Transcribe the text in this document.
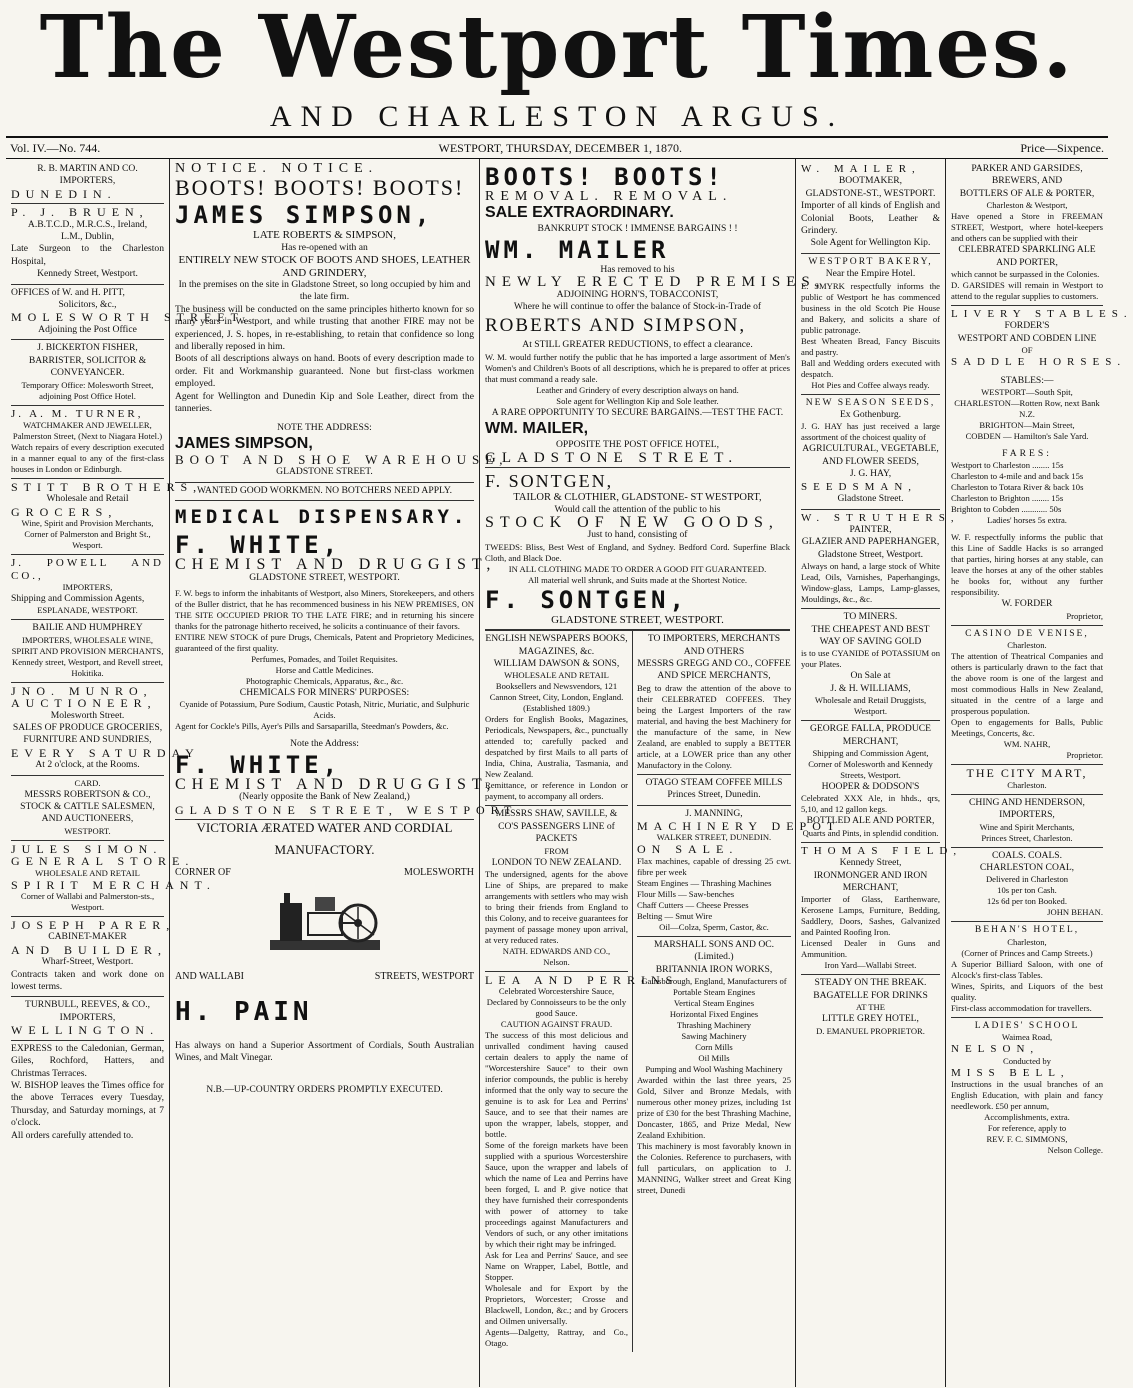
The Westport Times.
AND CHARLESTON ARGUS.
Vol. IV.—No. 744.	WESTPORT, THURSDAY, DECEMBER 1, 1870.	Price—Sixpence.

R. B. MARTIN AND CO.

IMPORTERS,

DUNEDIN.

P. J. BRUEN,

A.B.T.C.D., M.R.C.S., Ireland,

L.M., Dublin,

Late Surgeon to the Charleston Hospital,

Kennedy Street, Westport.

OFFICES of W. and H. PITT,

Solicitors, &c.,

MOLESWORTH STREET,

Adjoining the Post Office

J. BICKERTON FISHER,

BARRISTER, SOLICITOR & CONVEYANCER.

Temporary Office: Molesworth Street, adjoining Post Office Hotel.

J. A. M. TURNER,

WATCHMAKER AND JEWELLER, Palmerston Street, (Next to Niagara Hotel.)

Watch repairs of every description executed in a manner equal to any of the first-class houses in London or Edinburgh.

STITT BROTHERS,

Wholesale and Retail

GROCERS,

Wine, Spirit and Provision Merchants, Corner of Palmerston and Bright St., Wesport.

J. POWELL AND CO.,

IMPORTERS,

Shipping and Commission Agents,

ESPLANADE, WESTPORT.

BAILIE AND HUMPHREY

IMPORTERS, WHOLESALE WINE, SPIRIT AND PROVISION MERCHANTS,

Kennedy street, Westport, and Revell street, Hokitika.

JNO. MUNRO,

AUCTIONEER,

Molesworth Street.

SALES OF PRODUCE GROCERIES, FURNITURE AND SUNDRIES,

EVERY SATURDAY

At 2 o'clock, at the Rooms.

CARD.

MESSRS ROBERTSON & CO.,

STOCK & CATTLE SALESMEN,

AND AUCTIONEERS,

WESTPORT.

JULES SIMON.

GENERAL STORE.

WHOLESALE AND RETAIL

SPIRIT MERCHANT.

Corner of Wallabi and Palmerston-sts., Westport.

JOSEPH PARER,

CABINET-MAKER

AND BUILDER,

Wharf-Street, Westport.

Contracts taken and work done on lowest terms.

TURNBULL, REEVES, & CO.,

IMPORTERS,

WELLINGTON.

EXPRESS to the Caledonian, German, Giles, Rochford, Hatters, and Christmas Terraces.

W. BISHOP leaves the Times office for the above Terraces every Tuesday, Thursday, and Saturday mornings, at 7 o'clock.

All orders carefully attended to.

NOTICE. NOTICE.

BOOTS! BOOTS! BOOTS!

JAMES SIMPSON,

LATE ROBERTS & SIMPSON,

Has re-opened with an

ENTIRELY NEW STOCK OF BOOTS AND SHOES, LEATHER AND GRINDERY,

In the premises on the site in Gladstone Street, so long occupied by him and the late firm.

The business will be conducted on the same principles hitherto known for so many years in Westport, and while trusting that another FIRE may not be experienced, J. S. hopes, in re-establishing, to retain that confidence so long and liberally reposed in him.

Boots of all descriptions always on hand. Boots of every description made to order. Fit and Workmanship guaranteed. None but first-class workmen employed.

Agent for Wellington and Dunedin Kip and Sole Leather, direct from the tanneries.

NOTE THE ADDRESS:

JAMES SIMPSON,

BOOT AND SHOE WAREHOUSE,

GLADSTONE STREET.

WANTED GOOD WORKMEN. NO BOTCHERS NEED APPLY.

MEDICAL DISPENSARY.

F. WHITE,

CHEMIST AND DRUGGIST,

GLADSTONE STREET, WESTPORT.

F. W. begs to inform the inhabitants of Westport, also Miners, Storekeepers, and others of the Buller district, that he has recommenced business in his NEW PREMISES, ON THE SITE OCCUPIED PRIOR TO THE LATE FIRE; and in returning his sincere thanks for the patronage hitherto received, he solicits a continuance of their favors.

ENTIRE NEW STOCK of pure Drugs, Chemicals, Patent and Proprietory Medicines, guaranteed of the first quality.

Perfumes, Pomades, and Toilet Requisites.

Horse and Cattle Medicines.

Photographic Chemicals, Apparatus, &c., &c.

CHEMICALS FOR MINERS' PURPOSES:

Cyanide of Potassium, Pure Sodium, Caustic Potash, Nitric, Muriatic, and Sulphuric Acids.

Agent for Cockle's Pills, Ayer's Pills and Sarsaparilla, Steedman's Powders, &c.

Note the Address:

F. WHITE,

CHEMIST AND DRUGGIST,

(Nearly opposite the Bank of New Zealand,)

GLADSTONE STREET, WESTPORT.

VICTORIA ÆRATED WATER AND CORDIAL

MANUFACTORY.

CORNER OF	MOLESWORTH
AND WALLABI	STREETS, WESTPORT

H. PAIN

Has always on hand a Superior Assortment of Cordials, South Australian Wines, and Malt Vinegar.

N.B.—UP-COUNTRY ORDERS PROMPTLY EXECUTED.

BOOTS! BOOTS!

REMOVAL. REMOVAL.

SALE EXTRAORDINARY.

BANKRUPT STOCK ! IMMENSE BARGAINS ! !

WM. MAILER

Has removed to his

NEWLY ERECTED PREMISES,

ADJOINING HORN'S, TOBACCONIST,

Where he will continue to offer the balance of Stock-in-Trade of

ROBERTS AND SIMPSON,

At STILL GREATER REDUCTIONS, to effect a clearance.

W. M. would further notify the public that he has imported a large assortment of Men's Women's and Children's Boots of all descriptions, which he is prepared to offer at prices that must command a ready sale.

Leather and Grindery of every description always on hand.

Sole agent for Wellington Kip and Sole leather.

A RARE OPPORTUNITY TO SECURE BARGAINS.—TEST THE FACT.

WM. MAILER,

OPPOSITE THE POST OFFICE HOTEL,

GLADSTONE STREET.

F. SONTGEN,

TAILOR & CLOTHIER, GLADSTONE- ST WESTPORT,

Would call the attention of the public to his

STOCK OF NEW GOODS,

Just to hand, consisting of

TWEEDS: Bliss, Best West of England, and Sydney. Bedford Cord. Superfine Black Cloth, and Black Doe.

IN ALL CLOTHING MADE TO ORDER A GOOD FIT GUARANTEED.

All material well shrunk, and Suits made at the Shortest Notice.

F. SONTGEN,

GLADSTONE STREET, WESTPORT.

ENGLISH NEWSPAPERS BOOKS, MAGAZINES, &c.

WILLIAM DAWSON & SONS,

WHOLESALE AND RETAIL

Booksellers and Newsvendors, 121 Cannon Street, City, London, England.

(Established 1809.)

Orders for English Books, Magazines, Periodicals, Newspapers, &c., punctually attended to; carefully packed and despatched by first Mails to all parts of India, China, Australia, Tasmania, and New Zealand.

Remittance, or reference in London or payment, to accompany all orders.

MESSRS SHAW, SAVILLE, & CO'S PASSENGERS LINE of PACKETS

FROM

LONDON TO NEW ZEALAND.

The undersigned, agents for the above Line of Ships, are prepared to make arrangements with settlers who may wish to bring their friends from England to this Colony, and to receive guarantees for payment of passage money upon arrival, at very reduced rates.

NATH. EDWARDS AND CO.,

Nelson.

LEA AND PERRINS

Celebrated Worcestershire Sauce, Declared by Connoisseurs to be the only good Sauce.

CAUTION AGAINST FRAUD.

The success of this most delicious and unrivalled condiment having caused certain dealers to apply the name of "Worcestershire Sauce" to their own inferior compounds, the public is hereby informed that the only way to secure the genuine is to ask for Lea and Perrins' Sauce, and to see that their names are upon the wrapper, labels, stopper, and bottle.

Some of the foreign markets have been supplied with a spurious Worcestershire Sauce, upon the wrapper and labels of which the name of Lea and Perrins have been forged, L and P. give notice that they have furnished their correspondents with power of attorney to take proceedings against Manufacturers and Vendors of such, or any other imitations by which their right may be infringed.

Ask for Lea and Perrins' Sauce, and see Name on Wrapper, Label, Bottle, and Stopper.

Wholesale and for Export by the Proprietors, Worcester; Crosse and Blackwell, London, &c.; and by Grocers and Oilmen universally.

Agents—Dalgetty, Rattray, and Co., Otago.

TO IMPORTERS, MERCHANTS AND OTHERS

MESSRS GREGG AND CO., COFFEE AND SPICE MERCHANTS,

Beg to draw the attention of the above to their CELEBRATED COFFEES. They being the Largest Importers of the raw material, and having the best Machinery for the manufacture of the same, in New Zealand, are enabled to supply a BETTER article, at a LOWER price than any other Manufactory in the Colony.

OTAGO STEAM COFFEE MILLS

Princes Street, Dunedin.

J. MANNING,

MACHINERY DEPOT

WALKER STREET, DUNEDIN.

ON SALE.

Flax machines, capable of dressing 25 cwt. fibre per week

Steam Engines — Thrashing Machines

Flour Mills — Saw-benches

Chaff Cutters — Cheese Presses

Belting — Smut Wire

Oil—Colza, Sperm, Castor, &c.

MARSHALL SONS AND OC. (Limited.)

BRITANNIA IRON WORKS,

Gainsborough, England, Manufacturers of

Portable Steam Engines
Vertical Steam Engines
Horizontal Fixed Engines
Thrashing Machinery
Sawing Machinery
Corn Mills
Oil Mills
Pumping and Wool Washing Machinery

Awarded within the last three years, 25 Gold, Silver and Bronze Medals, with numerous other money prizes, including 1st prize of £30 for the best Thrashing Machine, Doncaster, 1865, and Prize Medal, New Zealand Exhibition.

This machinery is most favorably known in the Colonies. Reference to purchasers, with full particulars, on application to J. MANNING, Walker street and Great King street, Dunedi

W. MAILER,

BOOTMAKER,

GLADSTONE-ST., WESTPORT.

Importer of all kinds of English and Colonial Boots, Leather & Grindery.

Sole Agent for Wellington Kip.

WESTPORT BAKERY,

Near the Empire Hotel.

E. SMYRK respectfully informs the public of Westport he has commenced business in the old Scotch Pie House and Bakery, and solicits a share of public patronage.

Best Wheaten Bread, Fancy Biscuits and pastry.

Ball and Wedding orders executed with despatch.

Hot Pies and Coffee always ready.

NEW SEASON SEEDS,

Ex Gothenburg.

J. G. HAY has just received a large assortment of the choicest quality of

AGRICULTURAL, VEGETABLE, AND FLOWER SEEDS,

J. G. HAY,

SEEDSMAN,

Gladstone Street.

W. STRUTHERS,

PAINTER,

GLAZIER AND PAPERHANGER,

Gladstone Street, Westport.

Always on hand, a large stock of White Lead, Oils, Varnishes, Paperhangings, Window-glass, Lamps, Lamp-glasses, Mouldings, &c., &c.

TO MINERS.

THE CHEAPEST AND BEST WAY OF SAVING GOLD

is to use CYANIDE of POTASSIUM on your Plates.

On Sale at

J. & H. WILLIAMS,

Wholesale and Retail Druggists, Westport.

GEORGE FALLA, PRODUCE MERCHANT,

Shipping and Commission Agent,

Corner of Molesworth and Kennedy Streets, Westport.

HOOPER & DODSON'S

Celebrated XXX Ale, in hhds., qrs, 5,10, and 12 gallon kegs.

BOTTLED ALE AND PORTER,

Quarts and Pints, in splendid condition.

THOMAS FIELD,

Kennedy Street,

IRONMONGER AND IRON MERCHANT,

Importer of Glass, Earthenware, Kerosene Lamps, Furniture, Bedding, Saddlery, Doors, Sashes, Galvanized and Painted Roofing Iron.

Licensed Dealer in Guns and Ammunition.

Iron Yard—Wallabi Street.

STEADY ON THE BREAK.

BAGATELLE FOR DRINKS

AT THE

LITTLE GREY HOTEL,

D. EMANUEL PROPRIETOR.

PARKER AND GARSIDES,

BREWERS, AND

BOTTLERS OF ALE & PORTER,

Charleston & Westport,

Have opened a Store in FREEMAN STREET, Westport, where hotel-keepers and others can be supplied with their

CELEBRATED SPARKLING ALE AND PORTER,

which cannot be surpassed in the Colonies.

D. GARSIDES will remain in Westport to attend to the regular supplies to customers.

LIVERY STABLES.

FORDER'S

WESTPORT AND COBDEN LINE

OF

SADDLE HORSES.

STABLES:—

WESTPORT—South Spit,

CHARLESTON—Rotten Row, next Bank N.Z.

BRIGHTON—Main Street,

COBDEN — Hamilton's Sale Yard.

FARES:

Westport to Charleston ........ 15s

Charleston to 4-mile and and back 15s

Charleston to Totara River & back 10s

Charleston to Brighton ........ 15s

Brighton to Cobden ............ 50s

Ladies' horses 5s extra.

W. F. respectfully informs the public that this Line of Saddle Hacks is so arranged that parties, hiring horses at any stable, can leave the horses at any of the other stables he books for, without any further responsibility.

W. FORDER

Proprietor,

CASINO DE VENISE,

Charleston.

The attention of Theatrical Companies and others is particularly drawn to the fact that the above room is one of the largest and most commodious Halls in New Zealand, situated in the centre of a large and prosperous population.

Open to engagements for Balls, Public Meetings, Concerts, &c.

WM. NAHR,

Proprietor.

THE CITY MART,

Charleston.

CHING AND HENDERSON, IMPORTERS,

Wine and Spirit Merchants,

Princes Street, Charleston.

COALS. COALS.

CHARLESTON COAL,

Delivered in Charleston

10s per ton Cash.

12s 6d per ton Booked.

JOHN BEHAN.

BEHAN'S HOTEL,

Charleston,

(Corner of Princes and Camp Streets.)

A Superior Billiard Saloon, with one of Alcock's first-class Tables.

Wines, Spirits, and Liquors of the best quality.

First-class accommodation for travellers.

LADIES' SCHOOL

Waimea Road,

NELSON,

Conducted by

MISS BELL,

Instructions in the usual branches of an English Education, with plain and fancy needlework. £50 per annum,

Accomplishments, extra.

For reference, apply to

REV. F. C. SIMMONS,

Nelson College.
